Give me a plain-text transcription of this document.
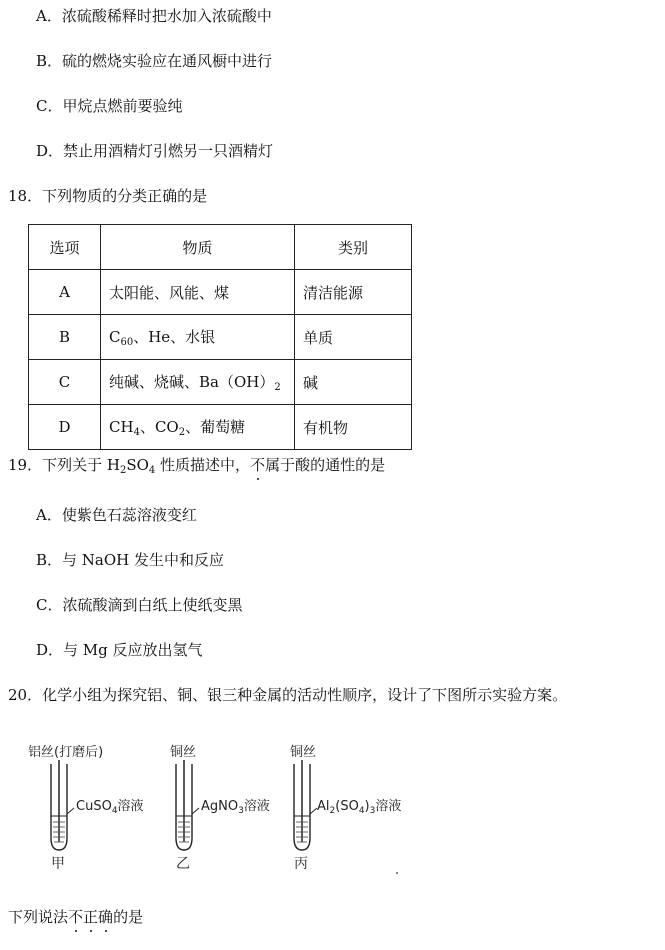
A．浓硫酸稀释时把水加入浓硫酸中
B．硫的燃烧实验应在通风橱中进行
C．甲烷点燃前要验纯
D．禁止用酒精灯引燃另一只酒精灯
18．下列物质的分类正确的是
选项	物质	类别
A	太阳能、风能、煤	清洁能源
B	$C_{60}$、He、水银	单质
C	纯碱、烧碱、$Ba(OH)_2$	碱
D	$CH_4$、$CO_2$、葡萄糖	有机物
19．下列关于 $H_2SO_4$ 性质描述中，不属于酸的通性的是
A．使紫色石蕊溶液变红
B．与 NaOH 发生中和反应
C．浓硫酸滴到白纸上使纸变黑
D．与 Mg 反应放出氢气
20．化学小组为探究铝、铜、银三种金属的活动性顺序，设计了下图所示实验方案。
铝丝(打磨后)
CuSO$_4$溶液
甲
铜丝
AgNO$_3$溶液
乙
铜丝
$Al_2(SO_4)_3$溶液
丙
下列说法不正确的是
